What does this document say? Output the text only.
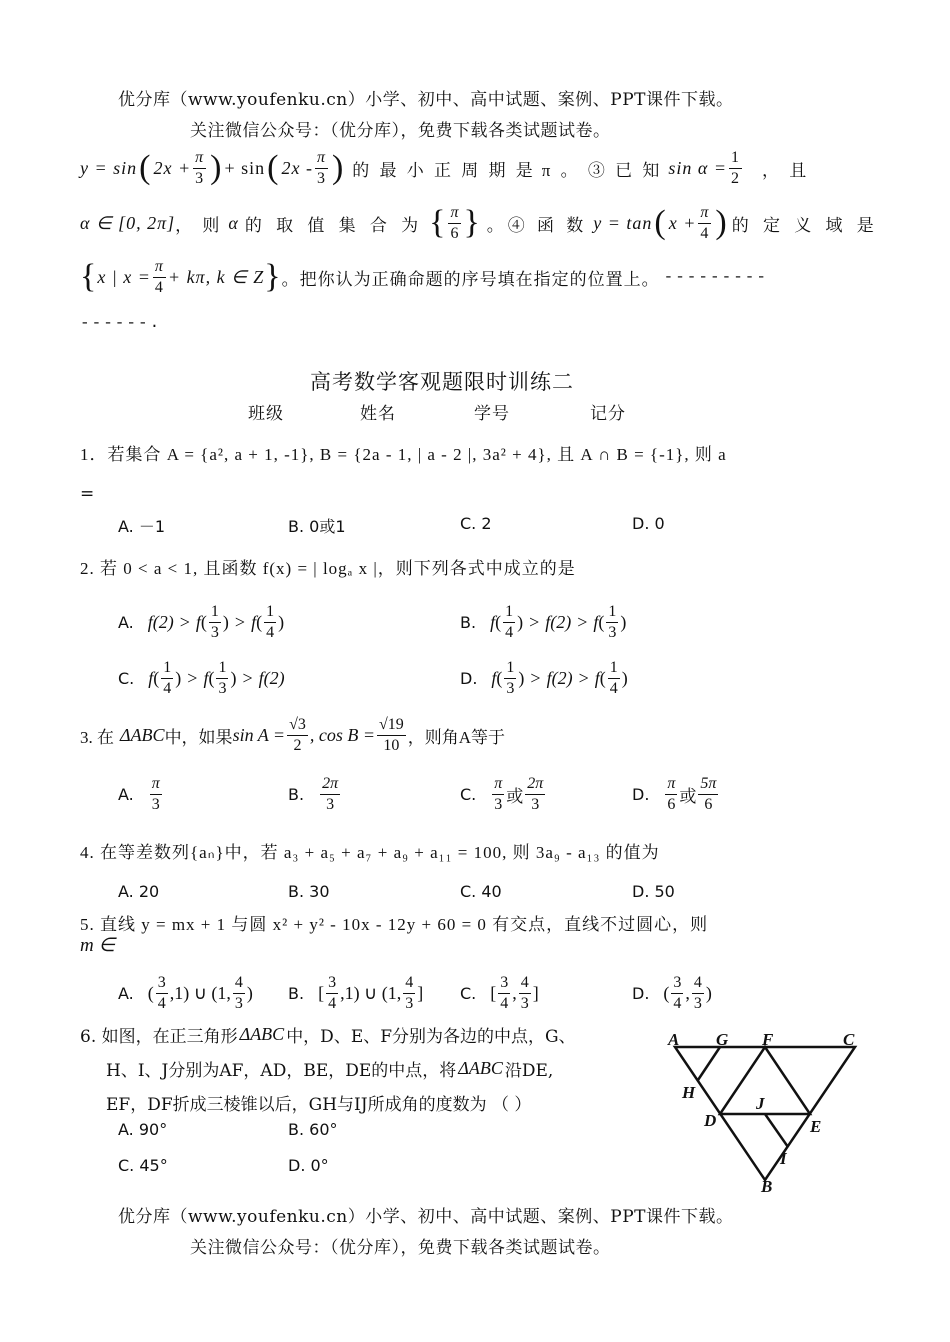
优分库（www.youfenku.cn）小学、初中、高中试题、案例、PPT课件下载。
关注微信公众号：（优分库），免费下载各类试题试卷。
y = sin ( $2x + \frac{\pi}{3}$ ) + sin ( $2x - \frac{\pi}{3}$ ) 的 最 小 正 周 期 是 π 。 ③ 已 知 $\sin \alpha = \frac{1}{2}$ ， 且
α ∈ [0, 2π] ， 则 α 的 取 值 集 合 为 { $\frac{\pi}{6}$ } 。④ 函 数 y = tan ( $x + \frac{\pi}{4}$ ) 的 定 义 域 是
{ x | $x = \frac{\pi}{4} + k\pi$, k ∈ Z } 。把你认为正确命题的序号填在指定的位置上。 ---------
------.
高考数学客观题限时训练二
班级	姓名	学号	记分
1．若集合 A = {a², a + 1, -1}, B = {2a - 1, | a - 2 |, 3a² + 4}, 且 A ∩ B = {-1}, 则 a
=
A. －1	B. 0或1	C. 2	D. 0
2. 若 0 < a < 1, 且函数 f(x) = | logₐ x |，则下列各式中成立的是
A. f(2) > f ( $\frac{1}{3}$ ) > f ( $\frac{1}{4}$ )	B. f ( $\frac{1}{4}$ ) > f(2) > f ( $\frac{1}{3}$ )
C. f ( $\frac{1}{4}$ ) > f ( $\frac{1}{3}$ ) > f(2)	D. f ( $\frac{1}{3}$ ) > f(2) > f ( $\frac{1}{4}$ )
3. 在 ΔABC 中，如果 $\sin A = \frac{√3}{2}$ , $\cos B = \frac{√19}{10}$ ，则角A等于
A. $\frac{\pi}{3}$	B. $\frac{2\pi}{3}$	C. $\frac{\pi}{3}$ 或 $\frac{2\pi}{3}$	D. $\frac{\pi}{6}$ 或 $\frac{5\pi}{6}$
4. 在等差数列{aₙ}中，若 a₃ + a₅ + a₇ + a₉ + a₁₁ = 100, 则 3a₉ - a₁₃ 的值为
A. 20	B. 30	C. 40	D. 50
5. 直线 y = mx + 1 与圆 x² + y² - 10x - 12y + 60 = 0 有交点，直线不过圆心，则
m ∈
A. ( $\frac{3}{4} ,1$) ∪ (1, $\frac{4}{3}$ ) B. [ $\frac{3}{4} ,1$) ∪ (1, $\frac{4}{3}$ ] C. [ $\frac{3}{4}$ , $\frac{4}{3}$ ]	D. ( $\frac{3}{4}$ , $\frac{4}{3}$ )
6. 如图，在正三角形 ΔABC 中，D、E、F分别为各边的中点，G、
H、I、J分别为AF，AD，BE，DE的中点，将 ΔABC 沿DE,
EF，DF折成三棱锥以后，GH与IJ所成角的度数为 （ ）
A. 90°	B. 60°
C. 45°	D. 0°
A G F	C
H
J
D	E
I
B
优分库（www.youfenku.cn）小学、初中、高中试题、案例、PPT课件下载。
关注微信公众号：（优分库），免费下载各类试题试卷。
